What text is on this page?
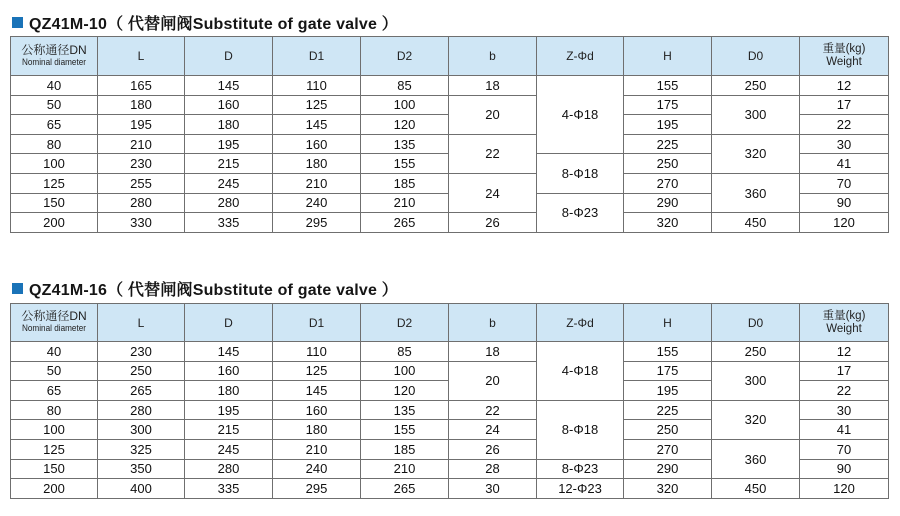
QZ41M-10（ 代替闸阀Substitute of gate valve ）
公称通径DN
Nominal diameter	L	D	D1	D2	b	Z-Φd	H	D0	重量(kg)
Weight

40	165	145	110	85	18	4-Φ18	155	250	12
50	180	160	125	100	20		175	300	17
65	195	180	145	120			195		22
80	210	195	160	135	22		225	320	30
100	230	215	180	155		8-Φ18	250		41
125	255	245	210	185	24		270	360	70
150	280	280	240	210		8-Φ23	290		90
200	330	335	295	265	26		320	450	120
QZ41M-16（ 代替闸阀Substitute of gate valve ）
公称通径DN
Nominal diameter	L	D	D1	D2	b	Z-Φd	H	D0	重量(kg)
Weight

40	230	145	110	85	18	4-Φ18	155	250	12
50	250	160	125	100	20		175	300	17
65	265	180	145	120			195		22
80	280	195	160	135	22	8-Φ18	225	320	30
100	300	215	180	155	24		250		41
125	325	245	210	185	26		270	360	70
150	350	280	240	210	28	8-Φ23	290		90
200	400	335	295	265	30	12-Φ23	320	450	120
